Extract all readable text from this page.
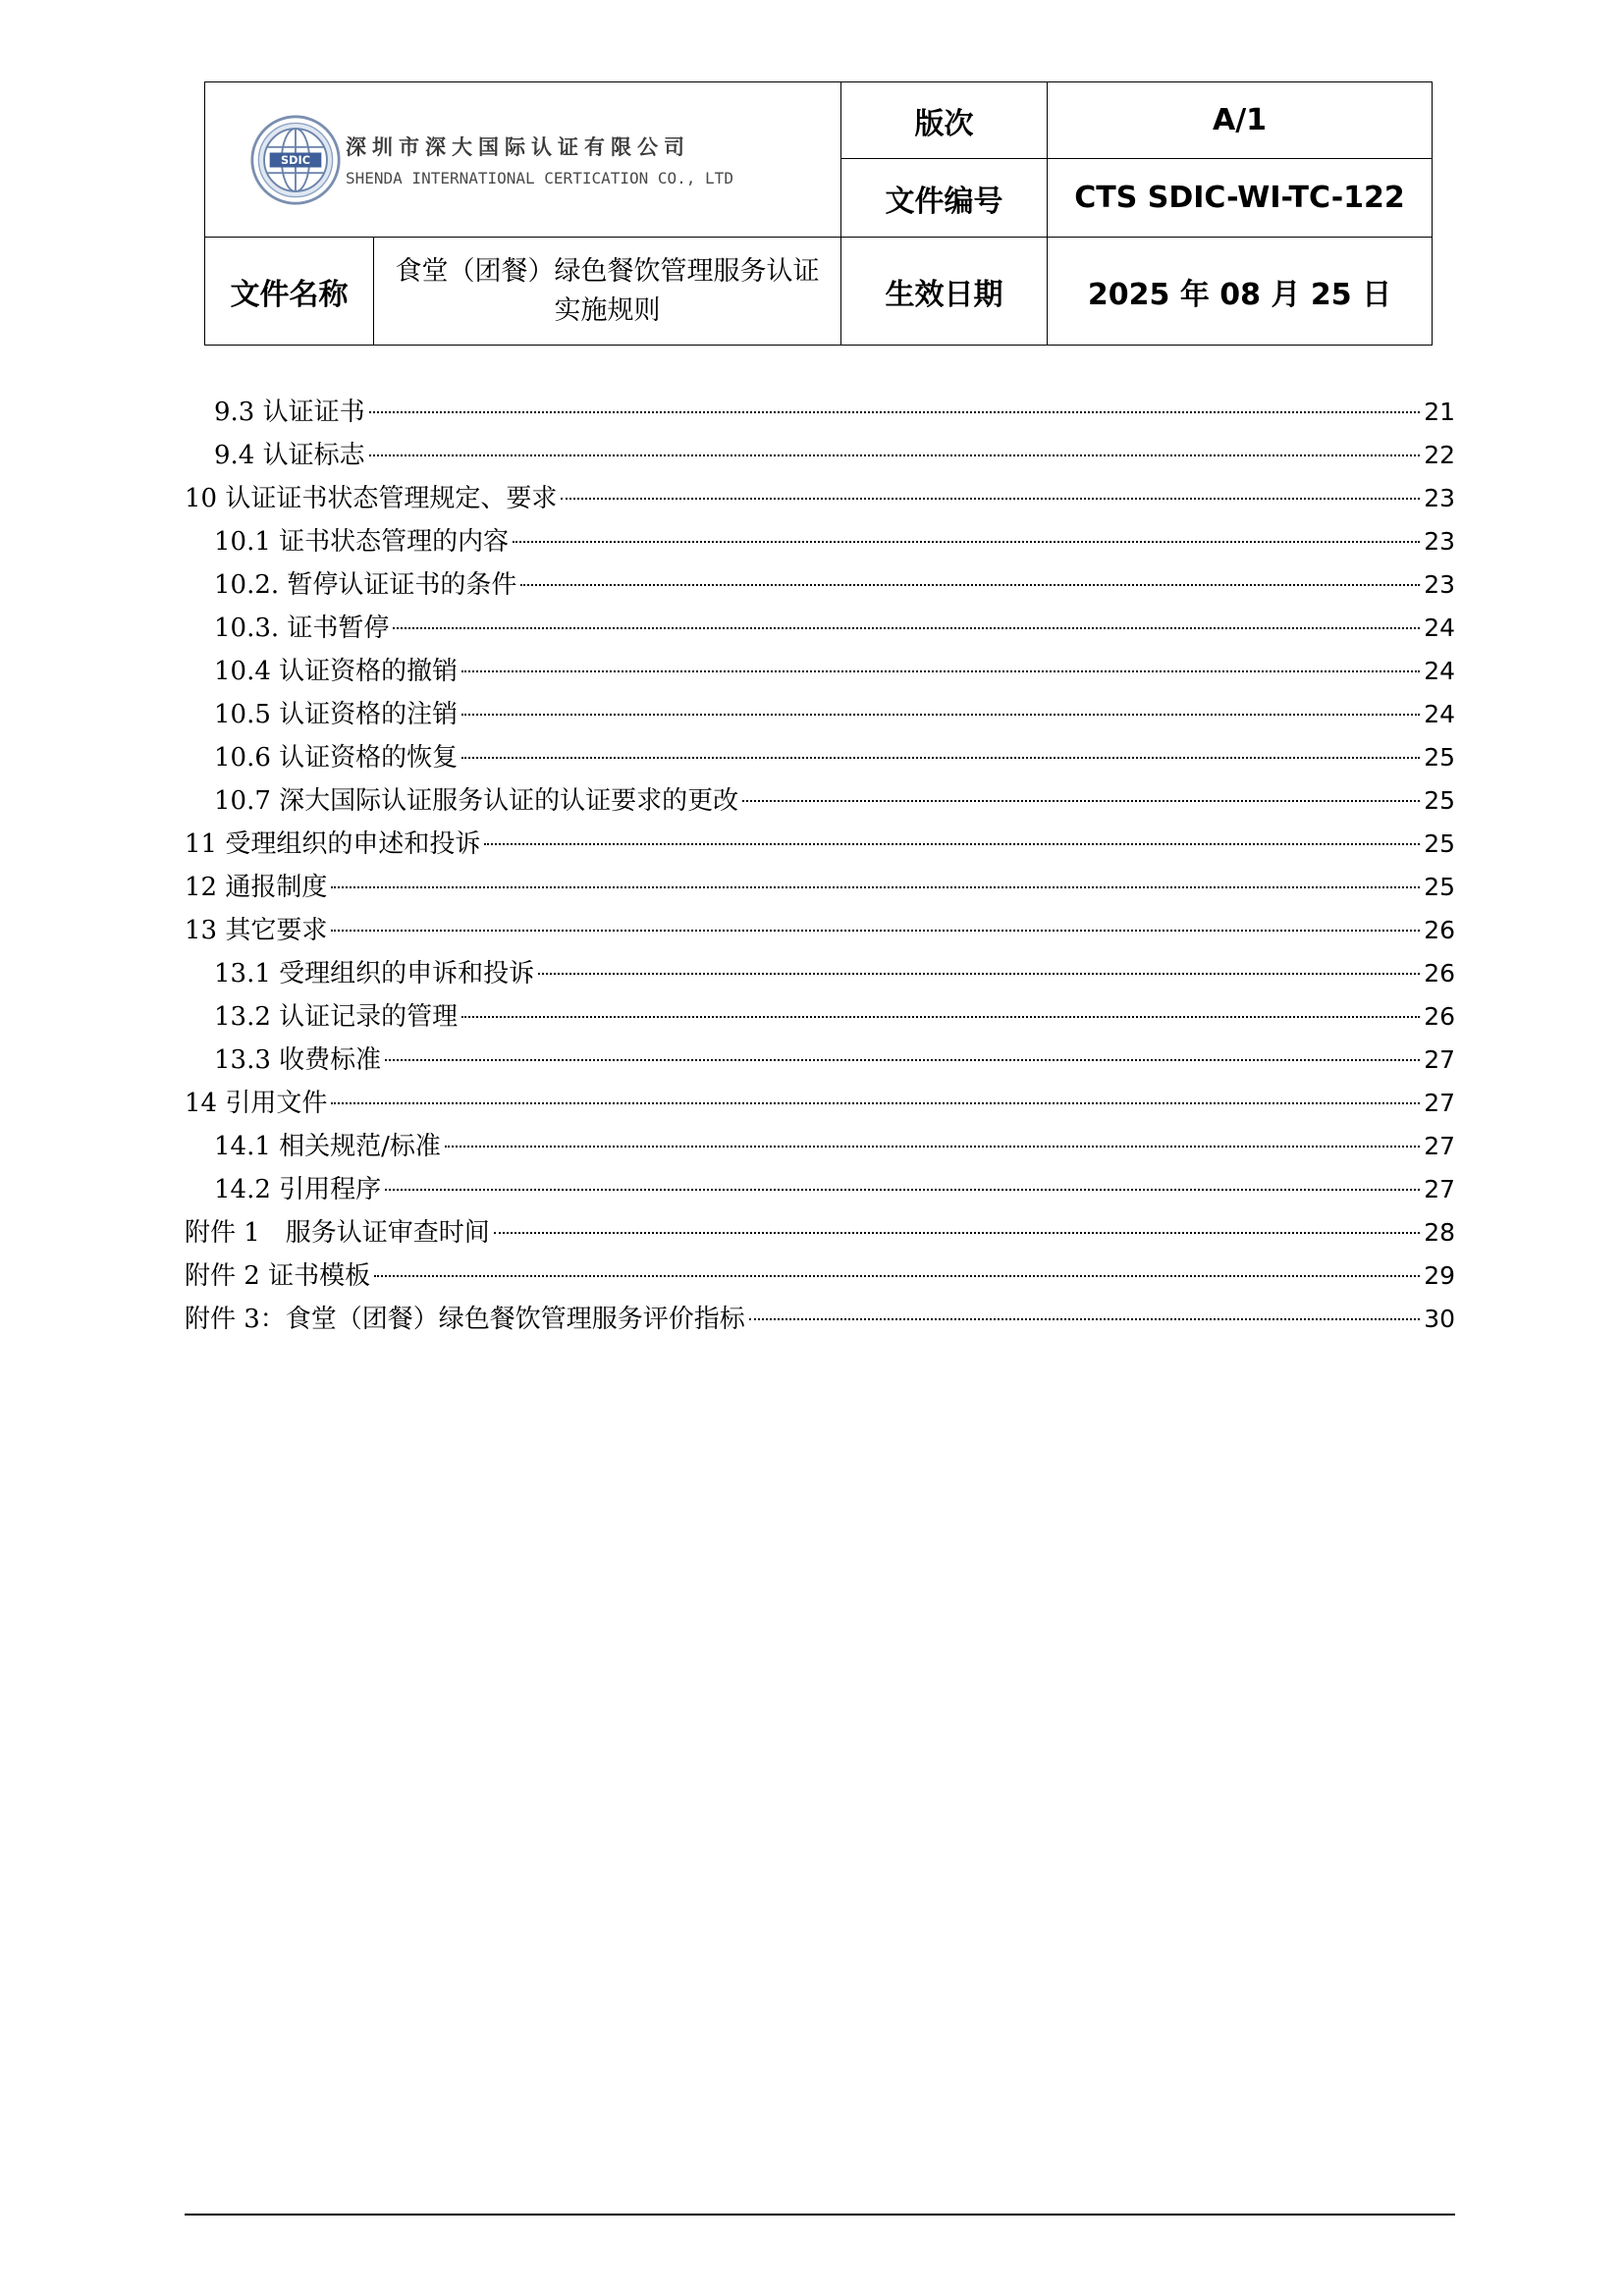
SDIC
深圳市深大国际认证有限公司
SHENDA INTERNATIONAL CERTICATION CO., LTD		版次	A/1
		文件编号	CTS SDIC-WI-TC-122
文件名称	食堂（团餐）绿色餐饮管理服务认证实施规则	生效日期	2025 年 08 月 25 日
9.3 认证证书	21
9.4 认证标志	22
10 认证证书状态管理规定、要求	23
10.1 证书状态管理的内容	23
10.2. 暂停认证证书的条件	23
10.3. 证书暂停	24
10.4 认证资格的撤销	24
10.5 认证资格的注销	24
10.6 认证资格的恢复	25
10.7 深大国际认证服务认证的认证要求的更改	25
11 受理组织的申述和投诉	25
12 通报制度	25
13 其它要求	26
13.1 受理组织的申诉和投诉	26
13.2 认证记录的管理	26
13.3 收费标准	27
14 引用文件	27
14.1 相关规范/标准	27
14.2 引用程序	27
附件 1　服务认证审查时间	28
附件 2 证书模板	29
附件 3：食堂（团餐）绿色餐饮管理服务评价指标	30
